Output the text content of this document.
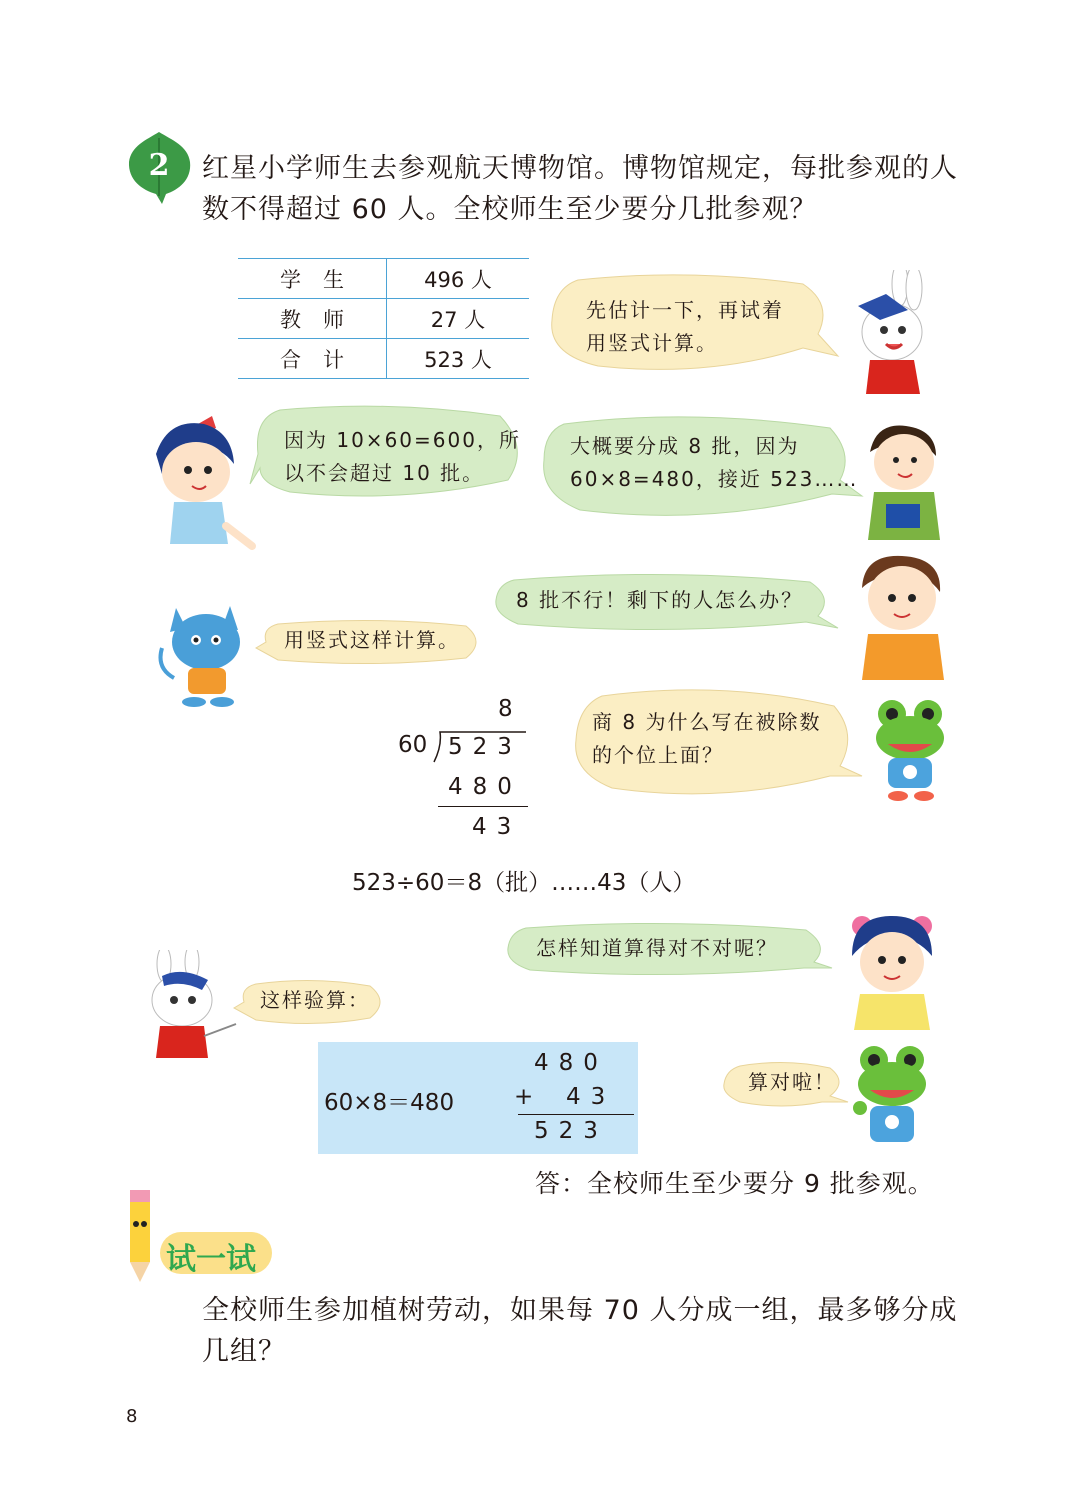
2	红星小学师生去参观航天博物馆。博物馆规定，每批参观的人数不得超过 60 人。全校师生至少要分几批参观？
学生	496 人
教师	27 人
合计	523 人
先估计一下，再试着
用竖式计算。
因为 10×60=600，所
以不会超过 10 批。
大概要分成 8 批，因为
60×8=480，接近 523……
8 批不行！剩下的人怎么办？
用竖式这样计算。
8
60 523
480
43
商 8 为什么写在被除数
的个位上面？
523÷60＝8（批）……43（人）
怎样知道算得对不对呢？
这样验算：
60×8＝480
480
+ 43
523
算对啦！
答：全校师生至少要分 9 批参观。
试一试
全校师生参加植树劳动，如果每 70 人分成一组，最多够分成几组？
8
